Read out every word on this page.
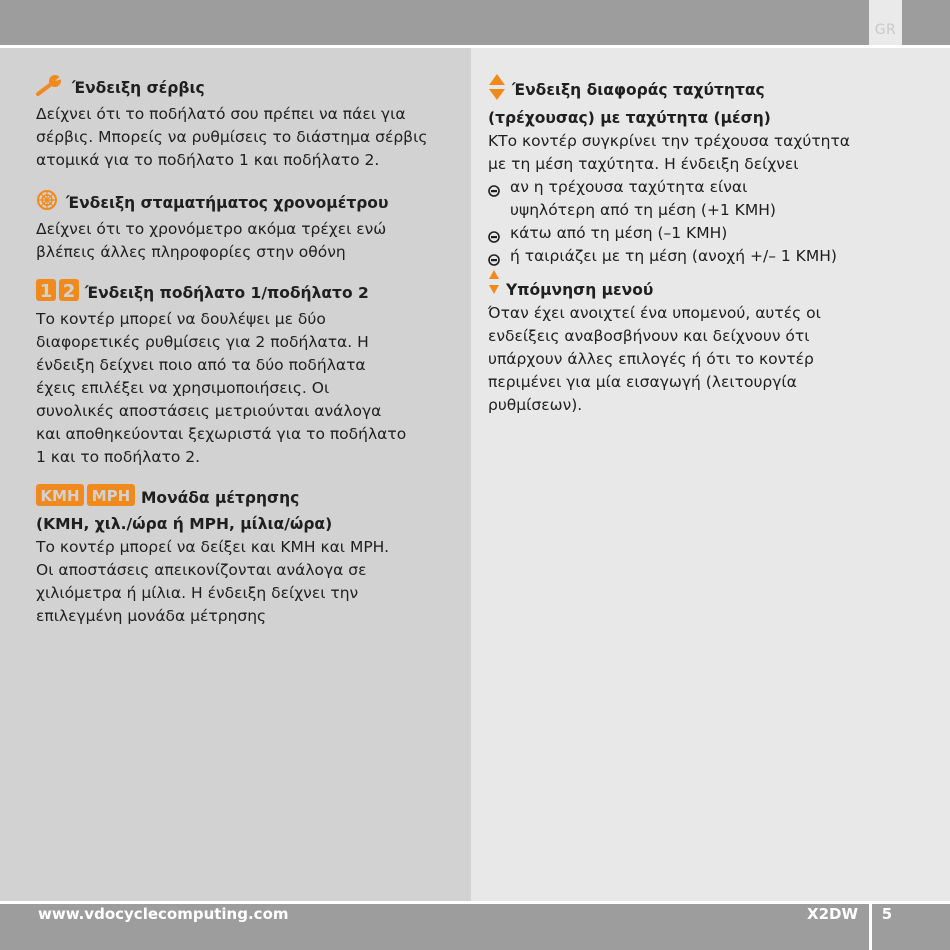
GR
www.vdocyclecomputing.com	X2DW	5
Ένδειξη σέρβις
Δείχνει ότι το ποδήλατό σου πρέπει να πάει για
σέρβις. Μπορείς να ρυθμίσεις το διάστημα σέρβις
ατομικά για το ποδήλατο 1 και ποδήλατο 2.
Ένδειξη σταματήματος χρονομέτρου
Δείχνει ότι το χρονόμετρο ακόμα τρέχει ενώ
βλέπεις άλλες πληροφορίες στην οθόνη
1 2 Ένδειξη ποδήλατο 1/ποδήλατο 2
Το κοντέρ μπορεί να δουλέψει με δύο
διαφορετικές ρυθμίσεις για 2 ποδήλατα. Η
ένδειξη δείχνει ποιο από τα δύο ποδήλατα
έχεις επιλέξει να χρησιμοποιήσεις. Οι
συνολικές αποστάσεις μετριούνται ανάλογα
και αποθηκεύονται ξεχωριστά για το ποδήλατο
1 και το ποδήλατο 2.
KMH MPH Μονάδα μέτρησης
(KMH, χιλ./ώρα ή MPH, μίλια/ώρα)
Το κοντέρ μπορεί να δείξει και KMH και MPH.
Οι αποστάσεις απεικονίζονται ανάλογα σε
χιλιόμετρα ή μίλια. Η ένδειξη δείχνει την
επιλεγμένη μονάδα μέτρησης
Ένδειξη διαφοράς ταχύτητας
(τρέχουσας) με ταχύτητα (μέση)
ΚΤο κοντέρ συγκρίνει την τρέχουσα ταχύτητα
με τη μέση ταχύτητα. Η ένδειξη δείχνει
αν η τρέχουσα ταχύτητα είναι
υψηλότερη από τη μέση (+1 KMH)
κάτω από τη μέση (–1 KMH)
ή ταιριάζει με τη μέση (ανοχή +/– 1 KMH)
Υπόμνηση μενού
Όταν έχει ανοιχτεί ένα υπομενού, αυτές οι
ενδείξεις αναβοσβήνουν και δείχνουν ότι
υπάρχουν άλλες επιλογές ή ότι το κοντέρ
περιμένει για μία εισαγωγή (λειτουργία
ρυθμίσεων).
